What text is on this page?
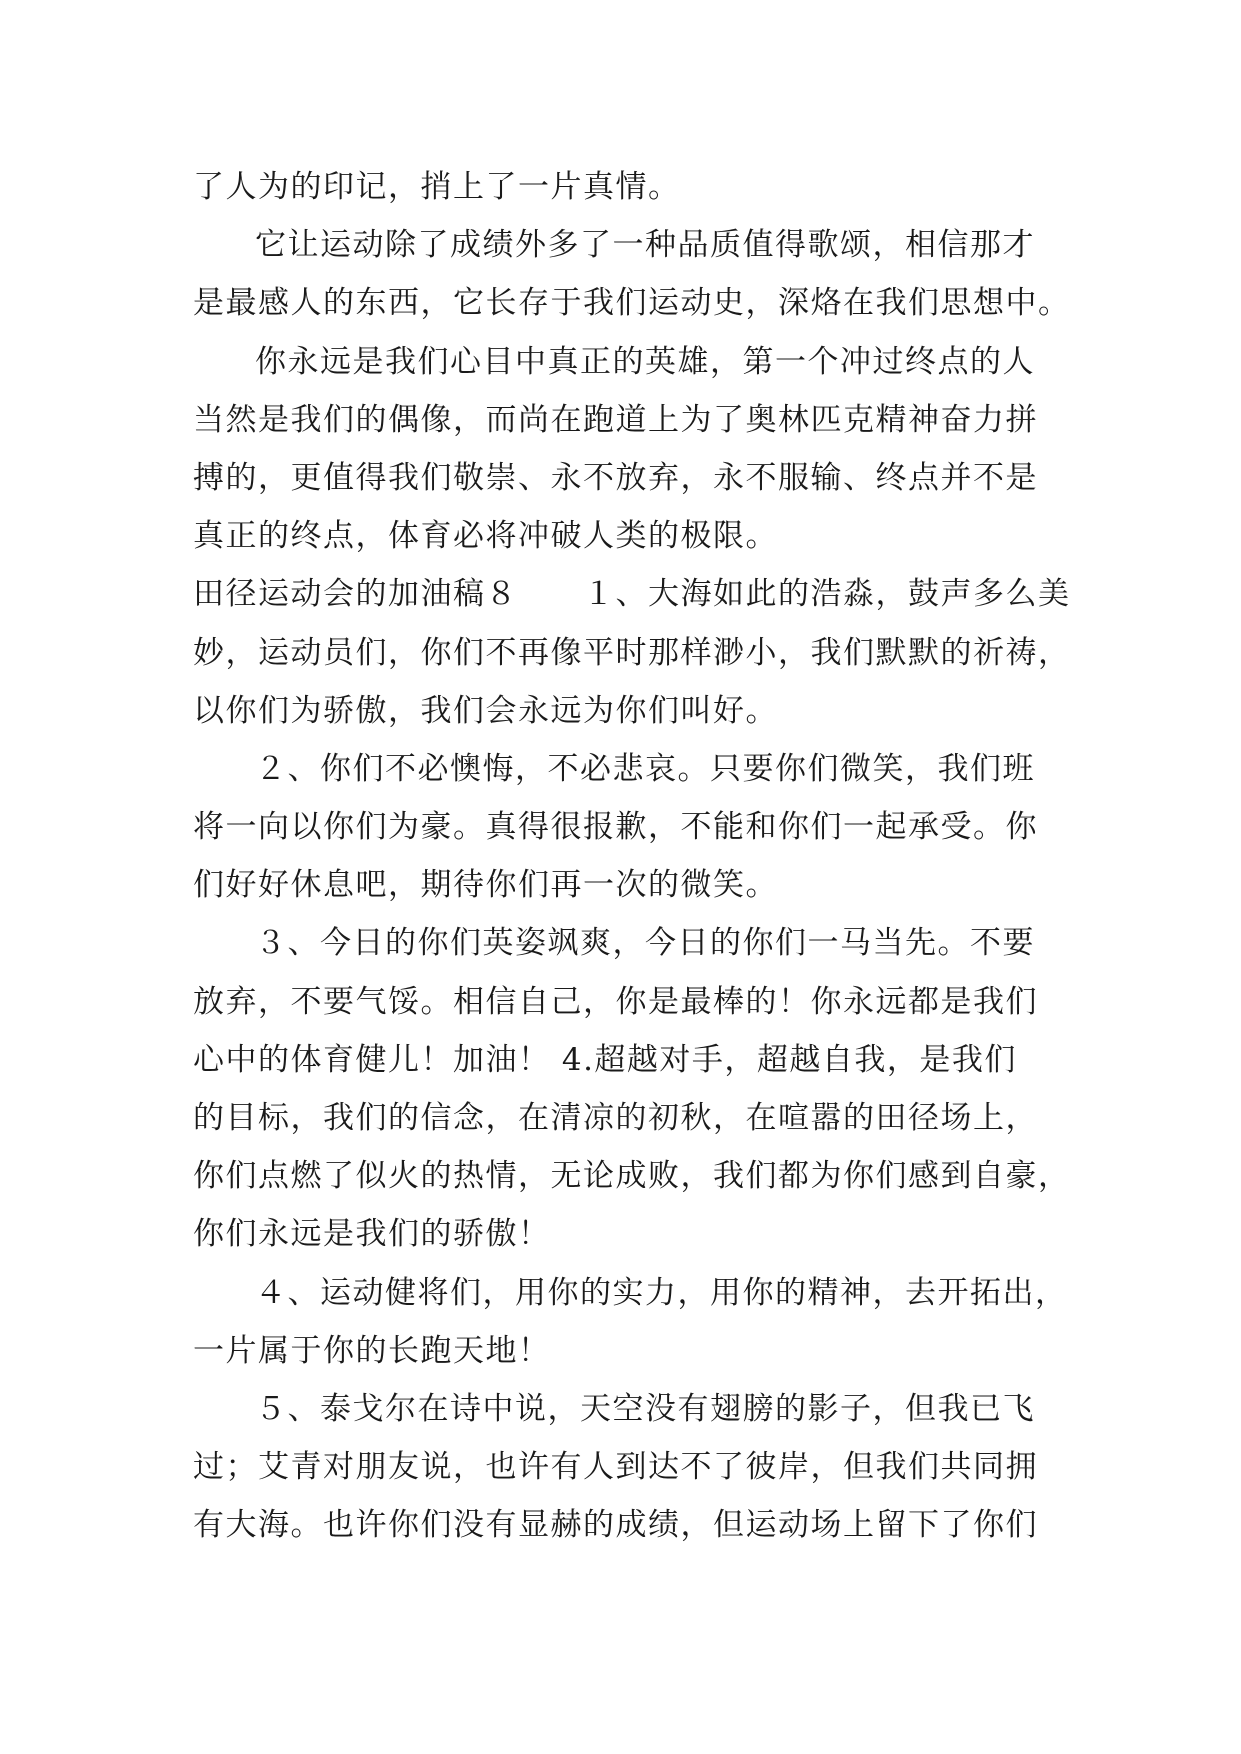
了人为的印记，捎上了一片真情。
它让运动除了成绩外多了一种品质值得歌颂，相信那才
是最感人的东西，它长存于我们运动史，深烙在我们思想中。
你永远是我们心目中真正的英雄，第一个冲过终点的人
当然是我们的偶像，而尚在跑道上为了奥林匹克精神奋力拼
搏的，更值得我们敬崇、永不放弃，永不服输、终点并不是
真正的终点，体育必将冲破人类的极限。
田径运动会的加油稿８　　１、大海如此的浩淼，鼓声多么美
妙，运动员们，你们不再像平时那样渺小，我们默默的祈祷，
以你们为骄傲，我们会永远为你们叫好。
２、你们不必懊悔，不必悲哀。只要你们微笑，我们班
将一向以你们为豪。真得很报歉，不能和你们一起承受。你
们好好休息吧，期待你们再一次的微笑。
３、今日的你们英姿飒爽，今日的你们一马当先。不要
放弃，不要气馁。相信自己，你是最棒的！你永远都是我们
心中的体育健儿！加油！ 4.超越对手，超越自我，是我们
的目标，我们的信念，在清凉的初秋，在喧嚣的田径场上，
你们点燃了似火的热情，无论成败，我们都为你们感到自豪，
你们永远是我们的骄傲！
４、运动健将们，用你的实力，用你的精神，去开拓出，
一片属于你的长跑天地！
５、泰戈尔在诗中说，天空没有翅膀的影子，但我已飞
过；艾青对朋友说，也许有人到达不了彼岸，但我们共同拥
有大海。也许你们没有显赫的成绩，但运动场上留下了你们
